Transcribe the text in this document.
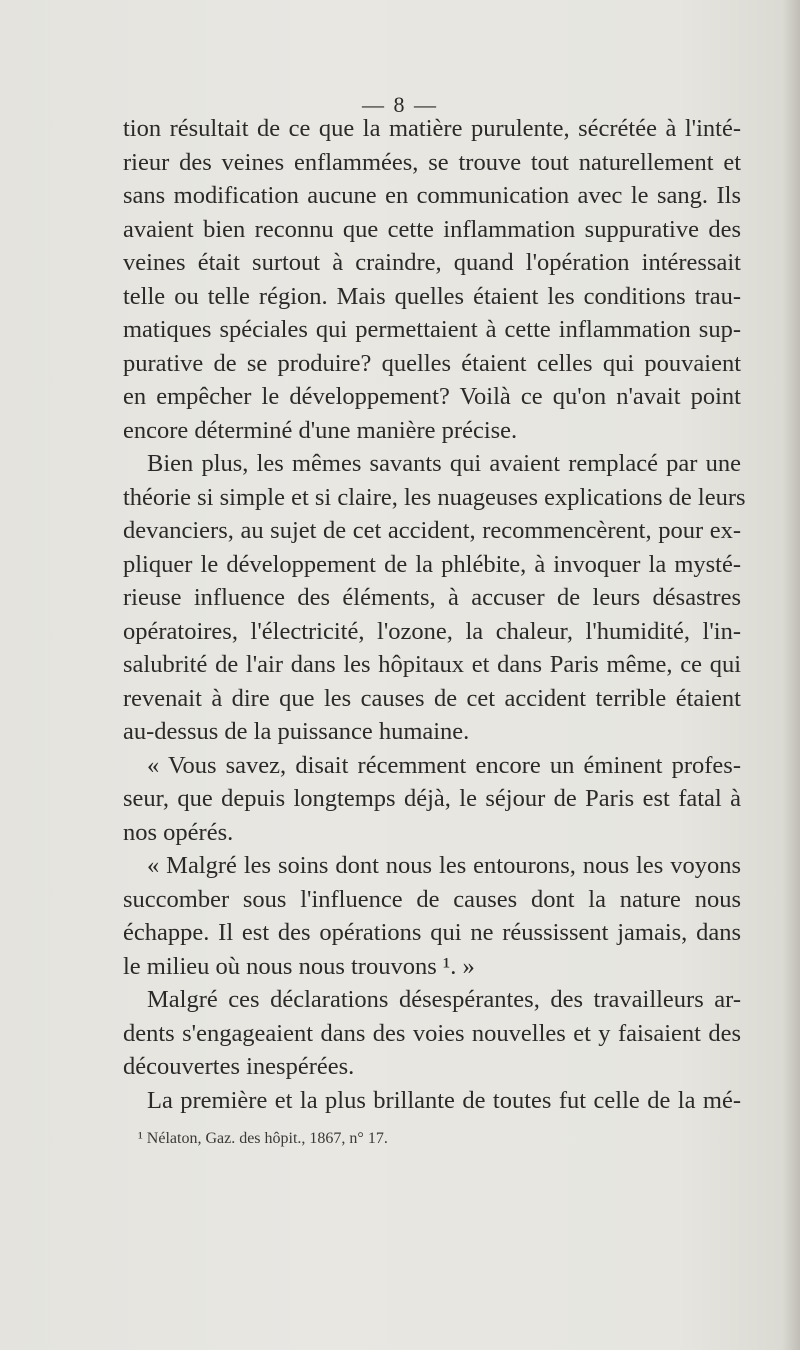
— 8 —
tion résultait de ce que la matière purulente, sécrétée à l'inté-
rieur des veines enflammées, se trouve tout naturellement et
sans modification aucune en communication avec le sang. Ils
avaient bien reconnu que cette inflammation suppurative des
veines était surtout à craindre, quand l'opération intéressait
telle ou telle région. Mais quelles étaient les conditions trau-
matiques spéciales qui permettaient à cette inflammation sup-
purative de se produire? quelles étaient celles qui pouvaient
en empêcher le développement? Voilà ce qu'on n'avait point
encore déterminé d'une manière précise.
Bien plus, les mêmes savants qui avaient remplacé par une
théorie si simple et si claire, les nuageuses explications de leurs
devanciers, au sujet de cet accident, recommencèrent, pour ex-
pliquer le développement de la phlébite, à invoquer la mysté-
rieuse influence des éléments, à accuser de leurs désastres
opératoires, l'électricité, l'ozone, la chaleur, l'humidité, l'in-
salubrité de l'air dans les hôpitaux et dans Paris même, ce qui
revenait à dire que les causes de cet accident terrible étaient
au-dessus de la puissance humaine.
« Vous savez, disait récemment encore un éminent profes-
seur, que depuis longtemps déjà, le séjour de Paris est fatal à
nos opérés.
« Malgré les soins dont nous les entourons, nous les voyons
succomber sous l'influence de causes dont la nature nous
échappe. Il est des opérations qui ne réussissent jamais, dans
le milieu où nous nous trouvons ¹. »
Malgré ces déclarations désespérantes, des travailleurs ar-
dents s'engageaient dans des voies nouvelles et y faisaient des
découvertes inespérées.
La première et la plus brillante de toutes fut celle de la mé-
¹ Nélaton, Gaz. des hôpit., 1867, n° 17.
